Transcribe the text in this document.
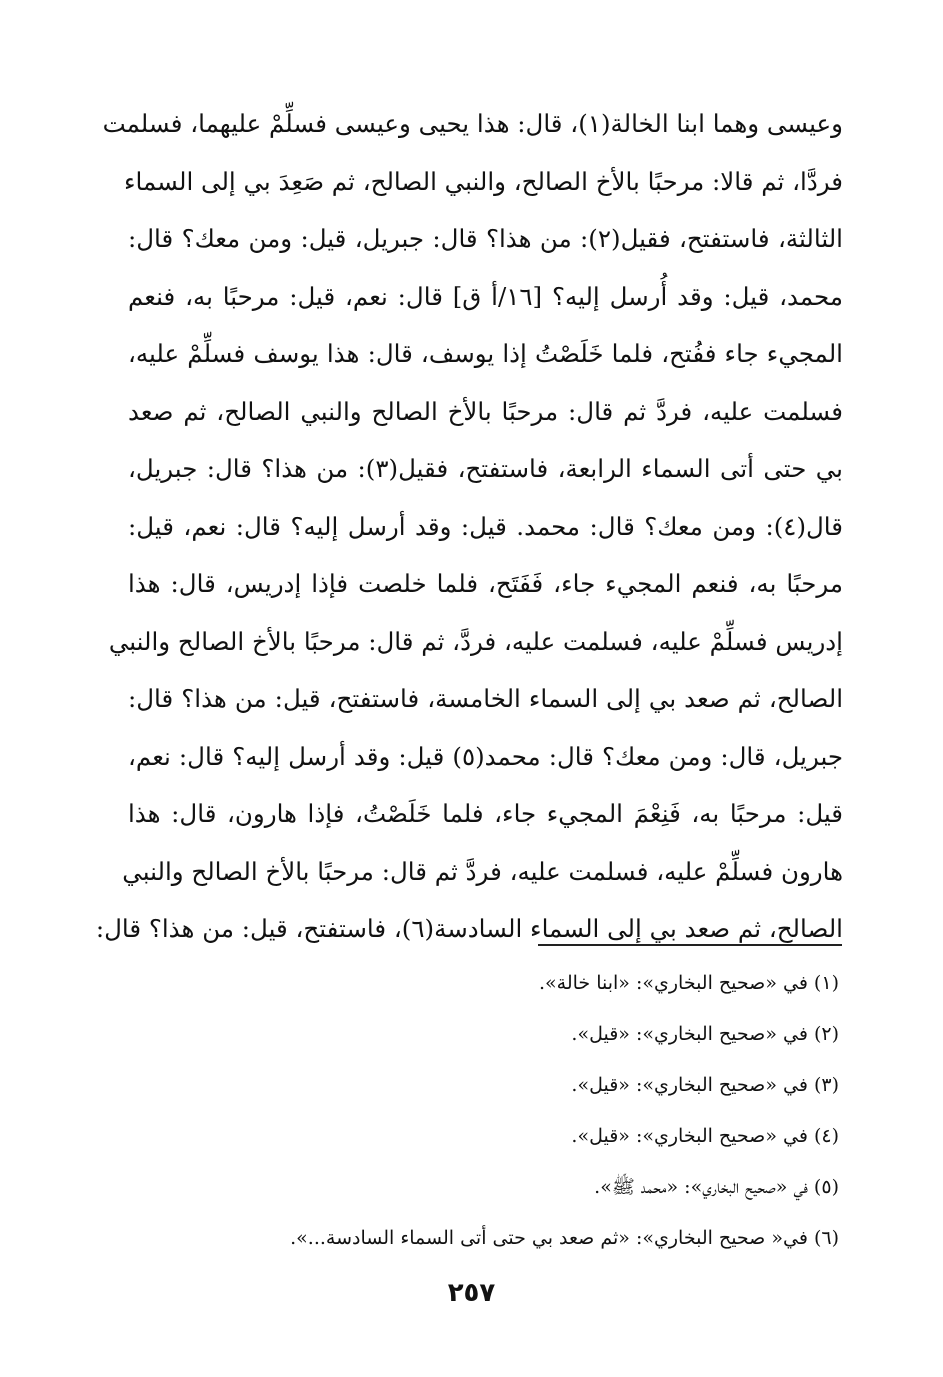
وعيسى وهما ابنا الخالة(١)، قال: هذا يحيى وعيسى فسلِّمْ عليهما، فسلمت
فردَّا، ثم قالا: مرحبًا بالأخ الصالح، والنبي الصالح، ثم صَعِدَ بي إلى السماء
الثالثة، فاستفتح، فقيل(٢): من هذا؟ قال: جبريل، قيل: ومن معك؟ قال:
محمد، قيل: وقد أُرسل إليه؟ [١٦/أ ق] قال: نعم، قيل: مرحبًا به، فنعم
المجيء جاء ففُتح، فلما خَلَصْتُ إذا يوسف، قال: هذا يوسف فسلِّمْ عليه،
فسلمت عليه، فردَّ ثم قال: مرحبًا بالأخ الصالح والنبي الصالح، ثم صعد
بي حتى أتى السماء الرابعة، فاستفتح، فقيل(٣): من هذا؟ قال: جبريل،
قال(٤): ومن معك؟ قال: محمد. قيل: وقد أرسل إليه؟ قال: نعم، قيل:
مرحبًا به، فنعم المجيء جاء، فَفَتَح، فلما خلصت فإذا إدريس، قال: هذا
إدريس فسلِّمْ عليه، فسلمت عليه، فردَّ، ثم قال: مرحبًا بالأخ الصالح والنبي
الصالح، ثم صعد بي إلى السماء الخامسة، فاستفتح، قيل: من هذا؟ قال:
جبريل، قال: ومن معك؟ قال: محمد(٥) قيل: وقد أرسل إليه؟ قال: نعم،
قيل: مرحبًا به، فَنِعْمَ المجيء جاء، فلما خَلَصْتُ، فإذا هارون، قال: هذا
هارون فسلِّمْ عليه، فسلمت عليه، فردَّ ثم قال: مرحبًا بالأخ الصالح والنبي
الصالح، ثم صعد بي إلى السماء السادسة(٦)، فاستفتح، قيل: من هذا؟ قال:
(١) في «صحيح البخاري»: «ابنا خالة».
(٢) في «صحيح البخاري»: «قيل».
(٣) في «صحيح البخاري»: «قيل».
(٤) في «صحيح البخاري»: «قيل».
(٥) في «صحيح البخاري»: «محمد ﷺ».
(٦) في« صحيح البخاري»: «ثم صعد بي حتى أتى السماء السادسة...».
٢٥٧
